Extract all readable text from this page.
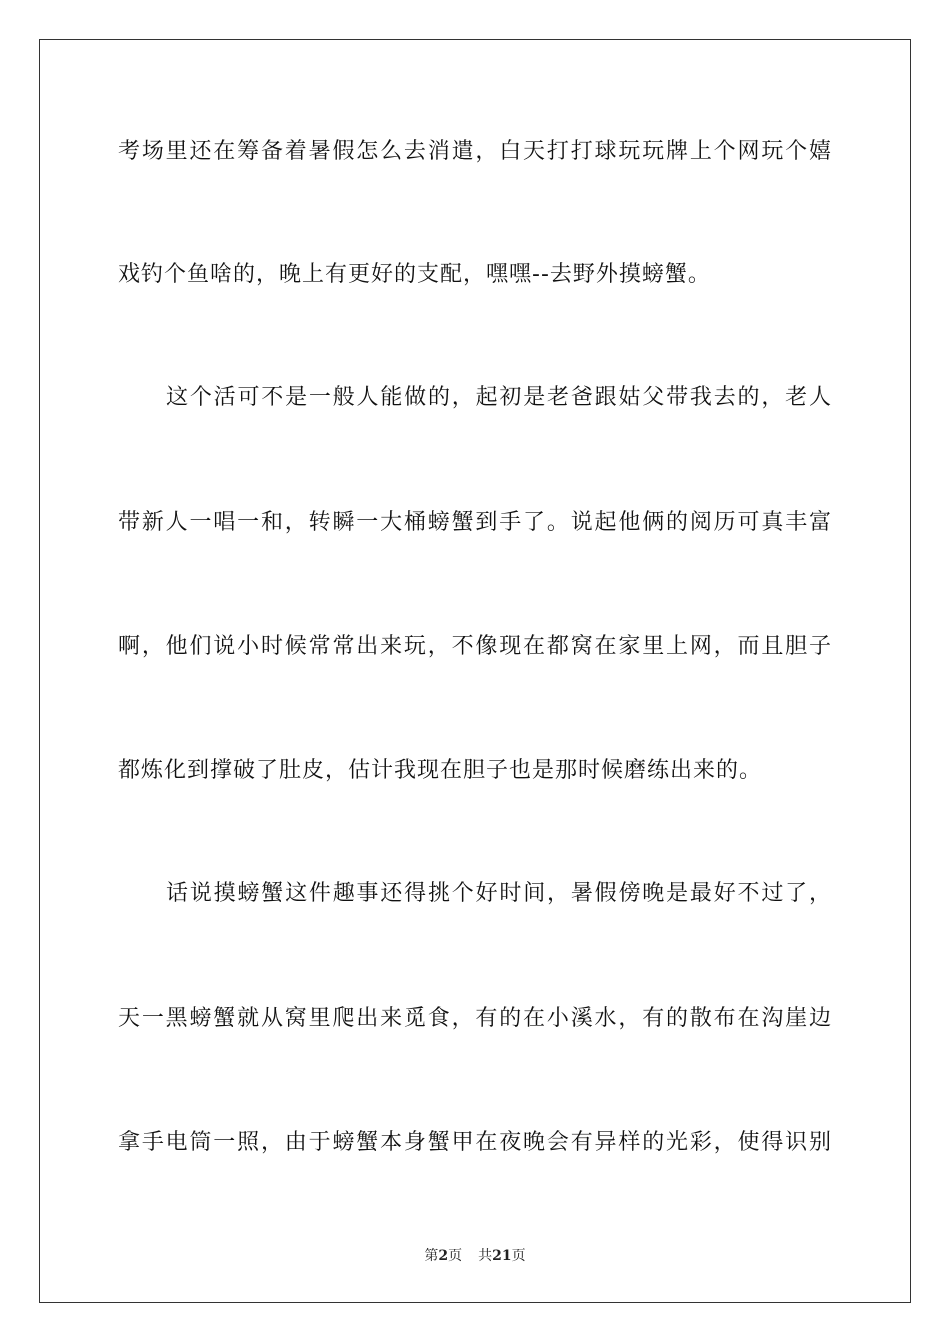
考场里还在筹备着暑假怎么去消遣，白天打打球玩玩牌上个网玩个嬉
戏钓个鱼啥的，晚上有更好的支配，嘿嘿--去野外摸螃蟹。
这个活可不是一般人能做的，起初是老爸跟姑父带我去的，老人
带新人一唱一和，转瞬一大桶螃蟹到手了。说起他俩的阅历可真丰富
啊，他们说小时候常常出来玩，不像现在都窝在家里上网，而且胆子
都炼化到撑破了肚皮，估计我现在胆子也是那时候磨练出来的。
话说摸螃蟹这件趣事还得挑个好时间，暑假傍晚是最好不过了，
天一黑螃蟹就从窝里爬出来觅食，有的在小溪水，有的散布在沟崖边
拿手电筒一照，由于螃蟹本身蟹甲在夜晚会有异样的光彩，使得识别
第2页 共21页
